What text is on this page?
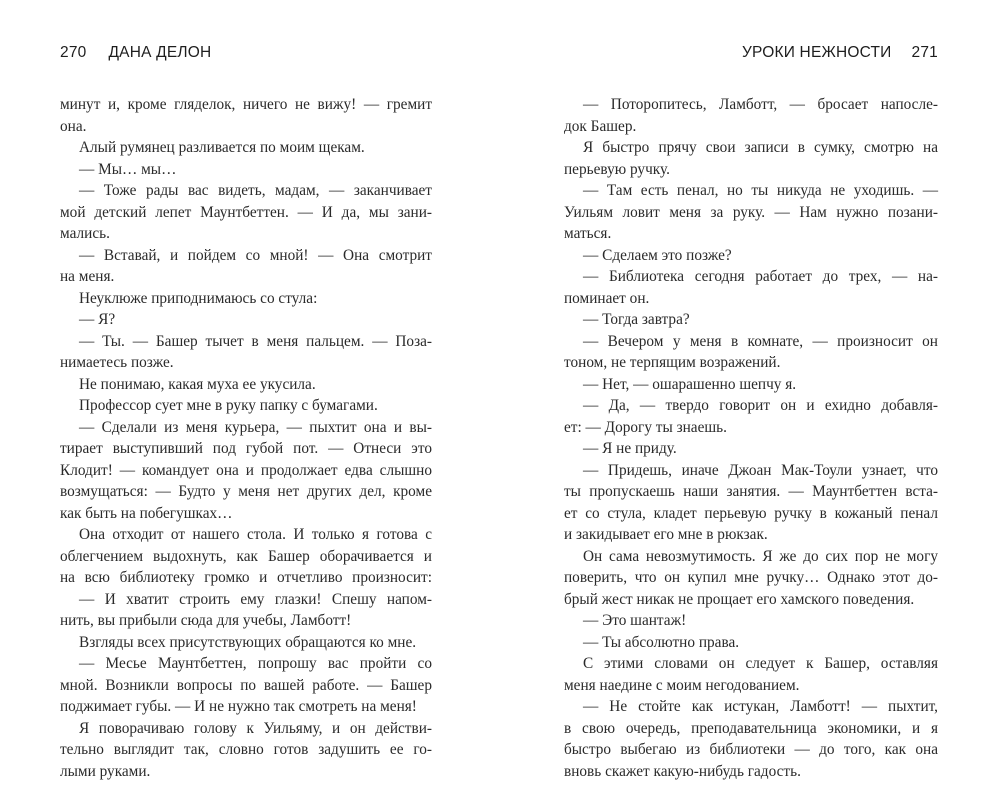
270 ДАНА ДЕЛОН
минут и, кроме гляделок, ничего не вижу! — гремит
она.
Алый румянец разливается по моим щекам.
— Мы… мы…
— Тоже рады вас видеть, мадам, — заканчивает
мой детский лепет Маунтбеттен. — И да, мы зани-
мались.
— Вставай, и пойдем со мной! — Она смотрит
на меня.
Неуклюже приподнимаюсь со стула:
— Я?
— Ты. — Башер тычет в меня пальцем. — Поза-
нимаетесь позже.
Не понимаю, какая муха ее укусила.
Профессор сует мне в руку папку с бумагами.
— Сделали из меня курьера, — пыхтит она и вы-
тирает выступивший под губой пот. — Отнеси это
Клодит! — командует она и продолжает едва слышно
возмущаться: — Будто у меня нет других дел, кроме
как быть на побегушках…
Она отходит от нашего стола. И только я готова с
облегчением выдохнуть, как Башер оборачивается и
на всю библиотеку громко и отчетливо произносит:
— И хватит строить ему глазки! Спешу напом-
нить, вы прибыли сюда для учебы, Ламботт!
Взгляды всех присутствующих обращаются ко мне.
— Месье Маунтбеттен, попрошу вас пройти со
мной. Возникли вопросы по вашей работе. — Башер
поджимает губы. — И не нужно так смотреть на меня!
Я поворачиваю голову к Уильяму, и он действи-
тельно выглядит так, словно готов задушить ее го-
лыми руками.
УРОКИ НЕЖНОСТИ 271
— Поторопитесь, Ламботт, — бросает напосле-
док Башер.
Я быстро прячу свои записи в сумку, смотрю на
перьевую ручку.
— Там есть пенал, но ты никуда не уходишь. —
Уильям ловит меня за руку. — Нам нужно позани-
маться.
— Сделаем это позже?
— Библиотека сегодня работает до трех, — на-
поминает он.
— Тогда завтра?
— Вечером у меня в комнате, — произносит он
тоном, не терпящим возражений.
— Нет, — ошарашенно шепчу я.
— Да, — твердо говорит он и ехидно добавля-
ет: — Дорогу ты знаешь.
— Я не приду.
— Придешь, иначе Джоан Мак-Тоули узнает, что
ты пропускаешь наши занятия. — Маунтбеттен вста-
ет со стула, кладет перьевую ручку в кожаный пенал
и закидывает его мне в рюкзак.
Он сама невозмутимость. Я же до сих пор не могу
поверить, что он купил мне ручку… Однако этот до-
брый жест никак не прощает его хамского поведения.
— Это шантаж!
— Ты абсолютно права.
С этими словами он следует к Башер, оставляя
меня наедине с моим негодованием.
— Не стойте как истукан, Ламботт! — пыхтит,
в свою очередь, преподавательница экономики, и я
быстро выбегаю из библиотеки — до того, как она
вновь скажет какую-нибудь гадость.
